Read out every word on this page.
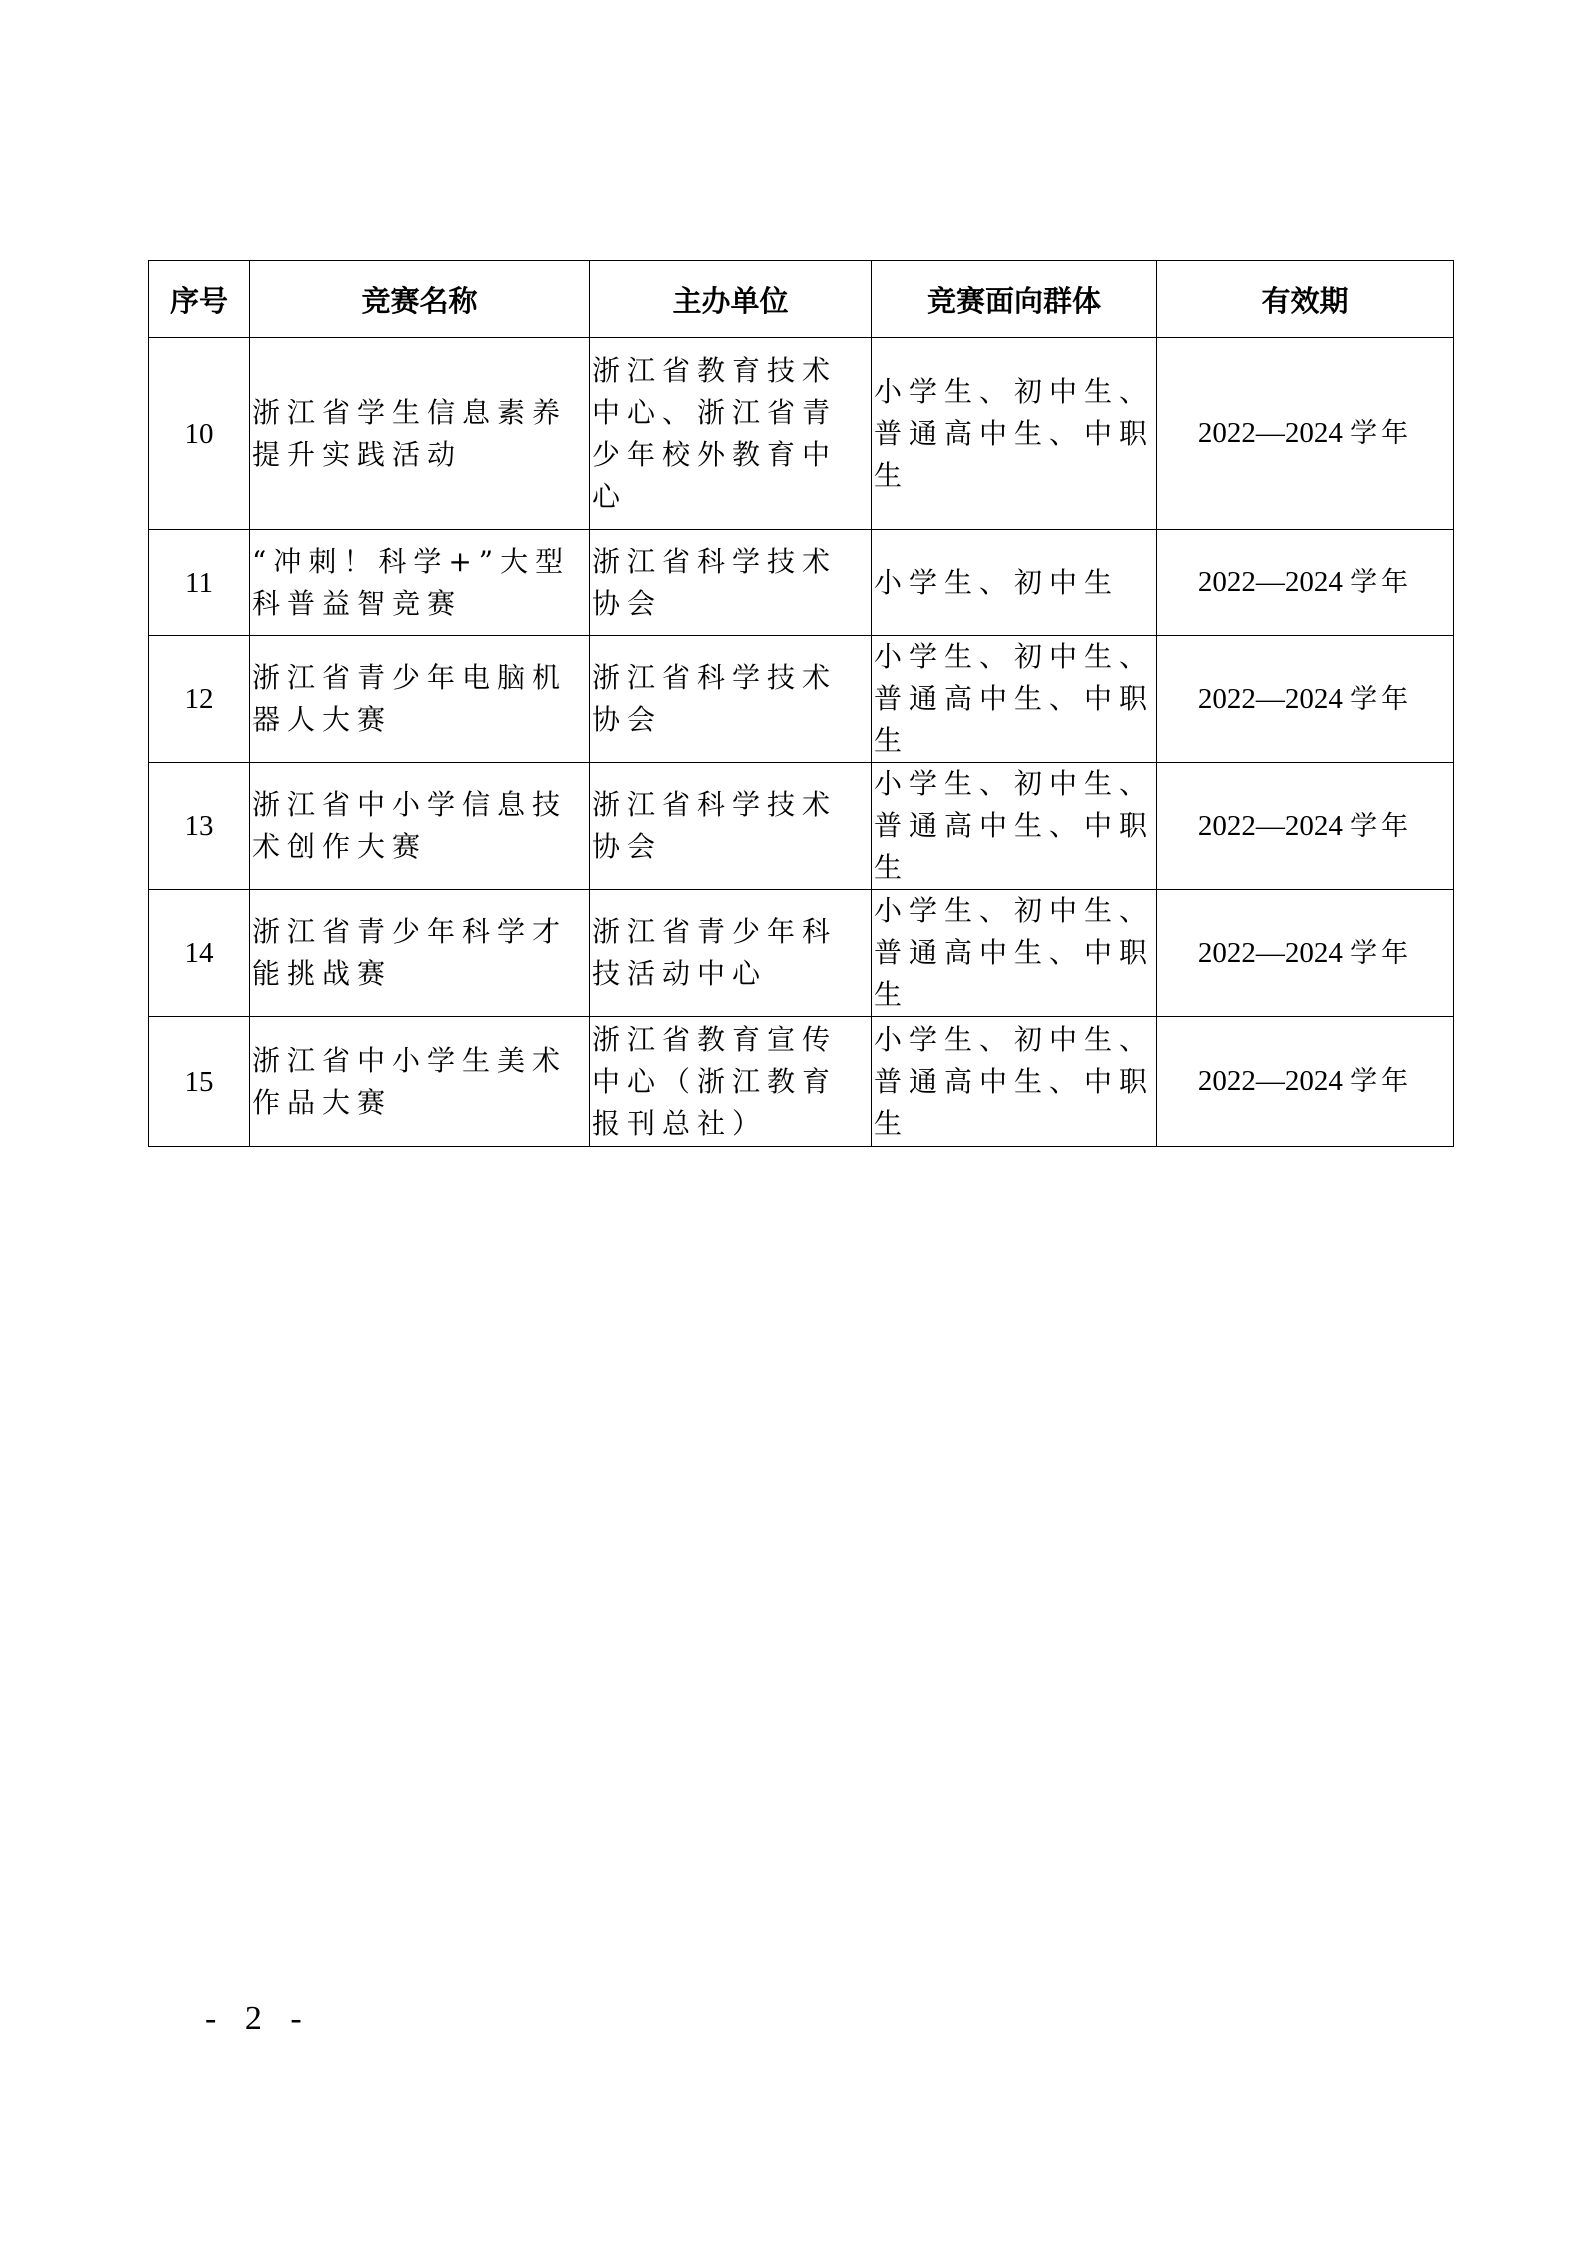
序号	竞赛名称	主办单位	竞赛面向群体	有效期
10	浙江省学生信息素养提升实践活动	浙江省教育技术中心、浙江省青少年校外教育中心	小学生、初中生、普通高中生、中职生	2022—2024 学年
11	“冲刺！科学+”大型科普益智竞赛	浙江省科学技术协会	小学生、初中生	2022—2024 学年
12	浙江省青少年电脑机器人大赛	浙江省科学技术协会	小学生、初中生、普通高中生、中职生	2022—2024 学年
13	浙江省中小学信息技术创作大赛	浙江省科学技术协会	小学生、初中生、普通高中生、中职生	2022—2024 学年
14	浙江省青少年科学才能挑战赛	浙江省青少年科技活动中心	小学生、初中生、普通高中生、中职生	2022—2024 学年
15	浙江省中小学生美术作品大赛	浙江省教育宣传中心（浙江教育报刊总社）	小学生、初中生、普通高中生、中职生	2022—2024 学年
- 2 -
